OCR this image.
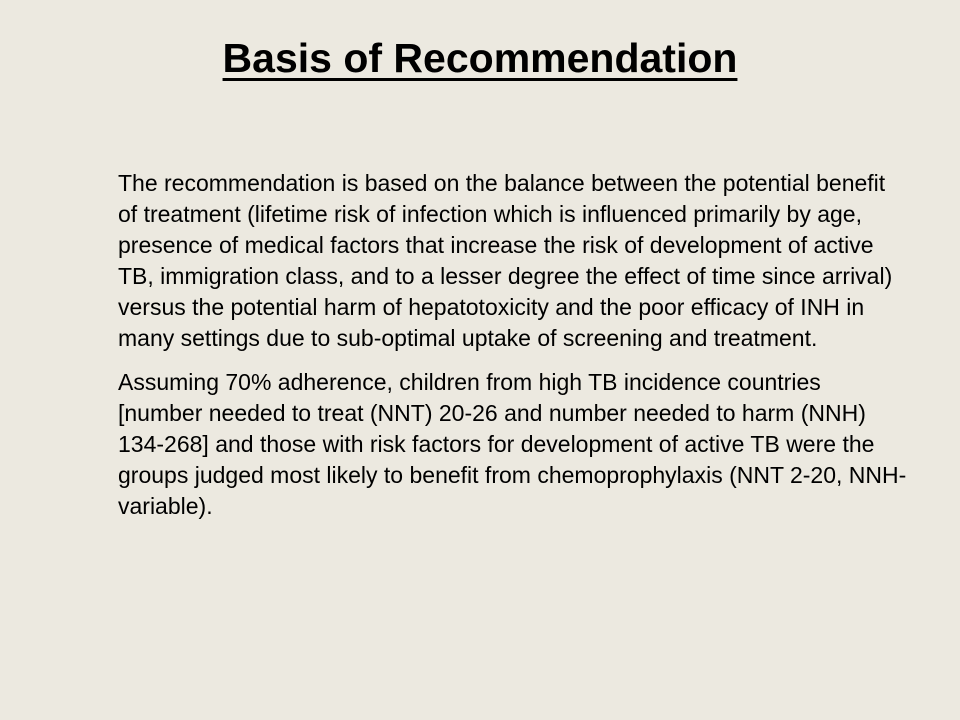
Basis of Recommendation

The recommendation is based on the balance between the potential benefit of treatment (lifetime risk of infection which is influenced primarily by age, presence of medical factors that increase the risk of development of active TB, immigration class, and to a lesser degree the effect of time since arrival) versus the potential harm of hepatotoxicity and the poor efficacy of INH in many settings due to sub-optimal uptake of screening and treatment.

Assuming 70% adherence, children from high TB incidence countries [number needed to treat (NNT) 20-26 and number needed to harm (NNH) 134-268] and those with risk factors for development of active TB were the groups judged most likely to benefit from chemoprophylaxis (NNT 2-20, NNH-variable).
